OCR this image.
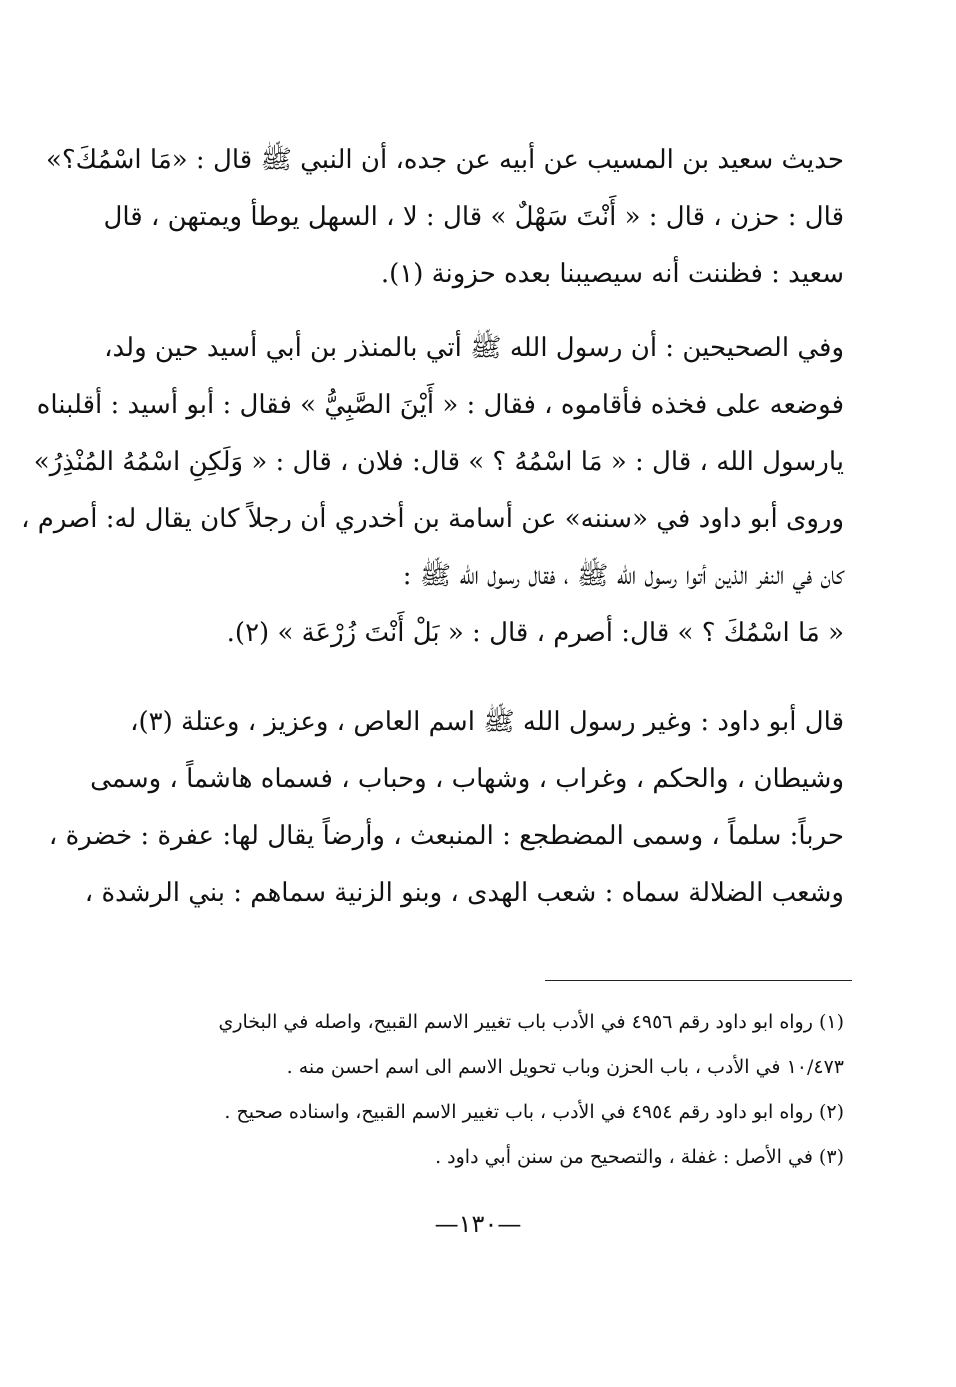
حديث سعيد بن المسيب عن أبيه عن جده، أن النبي ﷺ قال : «مَا اسْمُكَ؟»
قال : حزن ، قال : « أَنْتَ سَهْلٌ » قال : لا ، السهل يوطأ ويمتهن ، قال
سعيد : فظننت أنه سيصيبنا بعده حزونة (١).
وفي الصحيحين : أن رسول الله ﷺ أتي بالمنذر بن أبي أسيد حين ولد،
فوضعه على فخذه فأقاموه ، فقال : « أَيْنَ الصَّبِيُّ » فقال : أبو أسيد : أقلبناه
يارسول الله ، قال : « مَا اسْمُهُ ؟ » قال: فلان ، قال : « وَلَكِنِ اسْمُهُ المُنْذِرُ»
وروى أبو داود في «سننه» عن أسامة بن أخدري أن رجلاً كان يقال له: أصرم ،
كان في النفر الذين أتوا رسول الله ﷺ ، فقال رسول الله ﷺ :
« مَا اسْمُكَ ؟ » قال: أصرم ، قال : « بَلْ أَنْتَ زُرْعَة » (٢).
قال أبو داود : وغير رسول الله ﷺ اسم العاص ، وعزيز ، وعتلة (٣)،
وشيطان ، والحكم ، وغراب ، وشهاب ، وحباب ، فسماه هاشماً ، وسمى
حرباً: سلماً ، وسمى المضطجع : المنبعث ، وأرضاً يقال لها: عفرة : خضرة ،
وشعب الضلالة سماه : شعب الهدى ، وبنو الزنية سماهم : بني الرشدة ،
(١) رواه ابو داود رقم ٤٩٥٦ في الأدب باب تغيير الاسم القبيح، واصله في البخاري
١٠/٤٧٣ في الأدب ، باب الحزن وباب تحويل الاسم الى اسم احسن منه .
(٢) رواه ابو داود رقم ٤٩٥٤ في الأدب ، باب تغيير الاسم القبيح، واسناده صحيح .
(٣) في الأصل : غفلة ، والتصحيح من سنن أبي داود .
—١٣٠—
